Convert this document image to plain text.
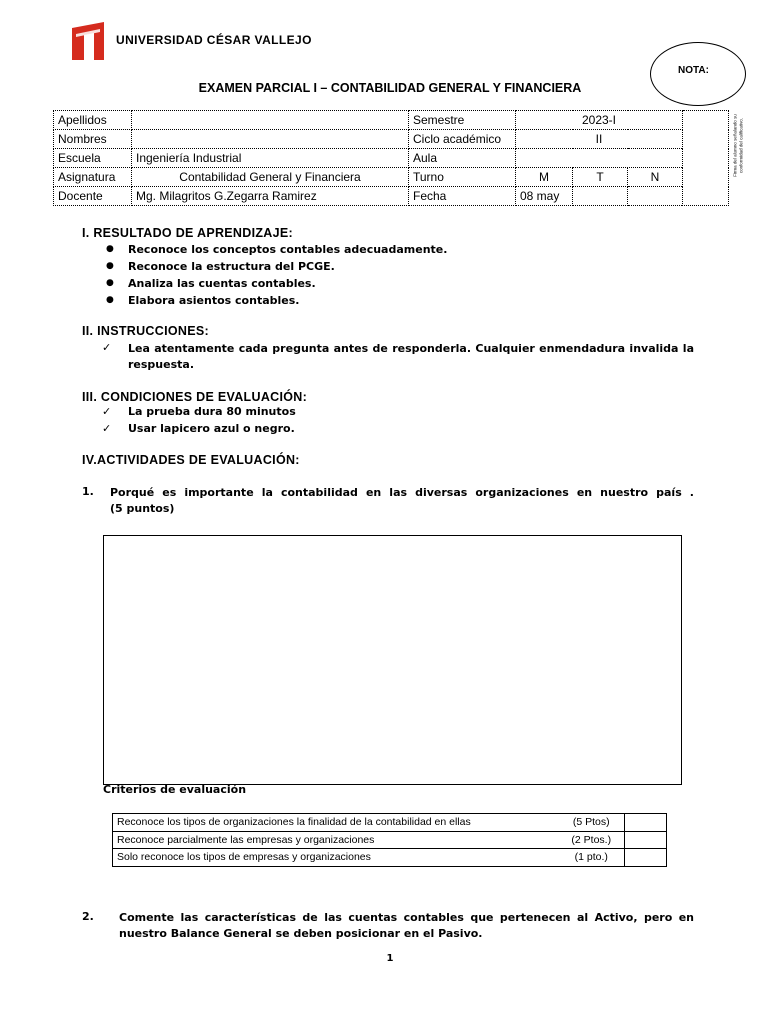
UNIVERSIDAD CÉSAR VALLEJO
NOTA:
EXAMEN PARCIAL I – CONTABILIDAD GENERAL Y FINANCIERA
Apellidos		Semestre	2023-I			
Nombres		Ciclo académico	II			
Escuela	Ingeniería Industrial	Aula				
Asignatura	Contabilidad General y Financiera	Turno	M	T	N	
Docente	Mg. Milagritos G.Zegarra Ramirez	Fecha	08 may			
Firma del alumno señalando su conformidad del calificativo.
I. RESULTADO DE APRENDIZAJE:
● Reconoce los conceptos contables adecuadamente.
● Reconoce la estructura del PCGE.
● Analiza las cuentas contables.
● Elabora asientos contables.
II. INSTRUCCIONES:
✓ Lea atentamente cada pregunta antes de responderla. Cualquier enmendadura invalida la respuesta.
III. CONDICIONES DE EVALUACIÓN:
✓ La prueba dura 80 minutos
✓ Usar lapicero azul o negro.
IV.ACTIVIDADES DE EVALUACIÓN:
1. Porqué es importante la contabilidad en las diversas organizaciones en nuestro país .
(5 puntos)
Criterios de evaluación
Reconoce los tipos de organizaciones la finalidad de la contabilidad en ellas	(5 Ptos)	
Reconoce parcialmente las empresas y organizaciones	(2 Ptos.)	
Solo reconoce los tipos de empresas y organizaciones	(1 pto.)	
2. Comente las características de las cuentas contables que pertenecen al Activo, pero en nuestro Balance General se deben posicionar en el Pasivo.
1
